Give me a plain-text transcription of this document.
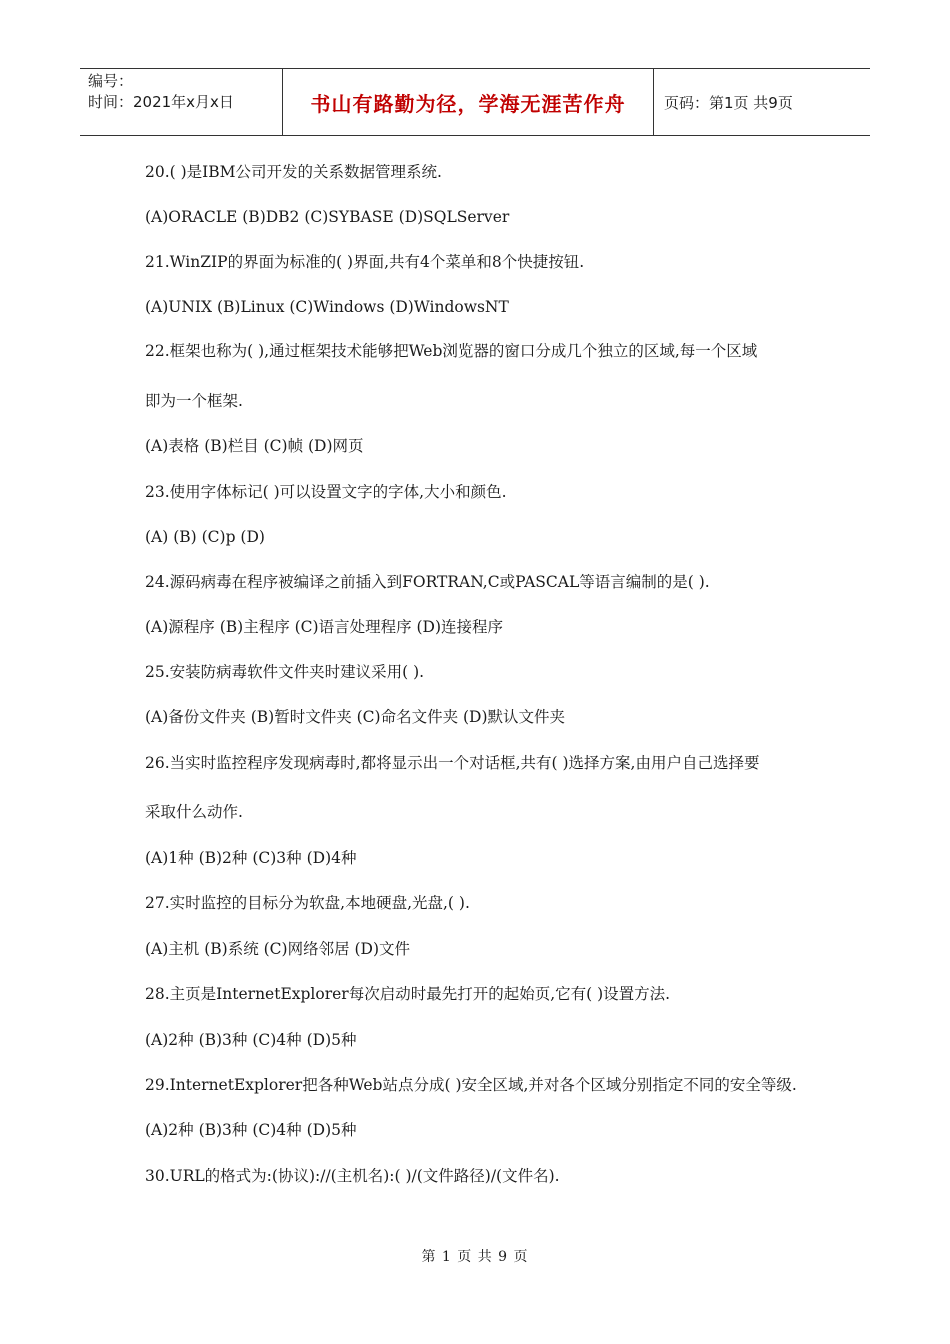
编号：
时间：2021年x月x日	书山有路勤为径，学海无涯苦作舟	页码：第1页 共9页
20.( )是IBM公司开发的关系数据管理系统.
(A)ORACLE (B)DB2 (C)SYBASE (D)SQLServer
21.WinZIP的界面为标准的( )界面,共有4个菜单和8个快捷按钮.
(A)UNIX (B)Linux (C)Windows (D)WindowsNT
22.框架也称为( ),通过框架技术能够把Web浏览器的窗口分成几个独立的区域,每一个区域
即为一个框架.
(A)表格 (B)栏目 (C)帧 (D)网页
23.使用字体标记( )可以设置文字的字体,大小和颜色.
(A) (B) (C)p (D)
24.源码病毒在程序被编译之前插入到FORTRAN,C或PASCAL等语言编制的是( ).
(A)源程序 (B)主程序 (C)语言处理程序 (D)连接程序
25.安装防病毒软件文件夹时建议采用( ).
(A)备份文件夹 (B)暂时文件夹 (C)命名文件夹 (D)默认文件夹
26.当实时监控程序发现病毒时,都将显示出一个对话框,共有( )选择方案,由用户自己选择要
采取什么动作.
(A)1种 (B)2种 (C)3种 (D)4种
27.实时监控的目标分为软盘,本地硬盘,光盘,( ).
(A)主机 (B)系统 (C)网络邻居 (D)文件
28.主页是InternetExplorer每次启动时最先打开的起始页,它有( )设置方法.
(A)2种 (B)3种 (C)4种 (D)5种
29.InternetExplorer把各种Web站点分成( )安全区域,并对各个区域分别指定不同的安全等级.
(A)2种 (B)3种 (C)4种 (D)5种
30.URL的格式为:(协议)://(主机名):( )/(文件路径)/(文件名).
第 1 页 共 9 页
